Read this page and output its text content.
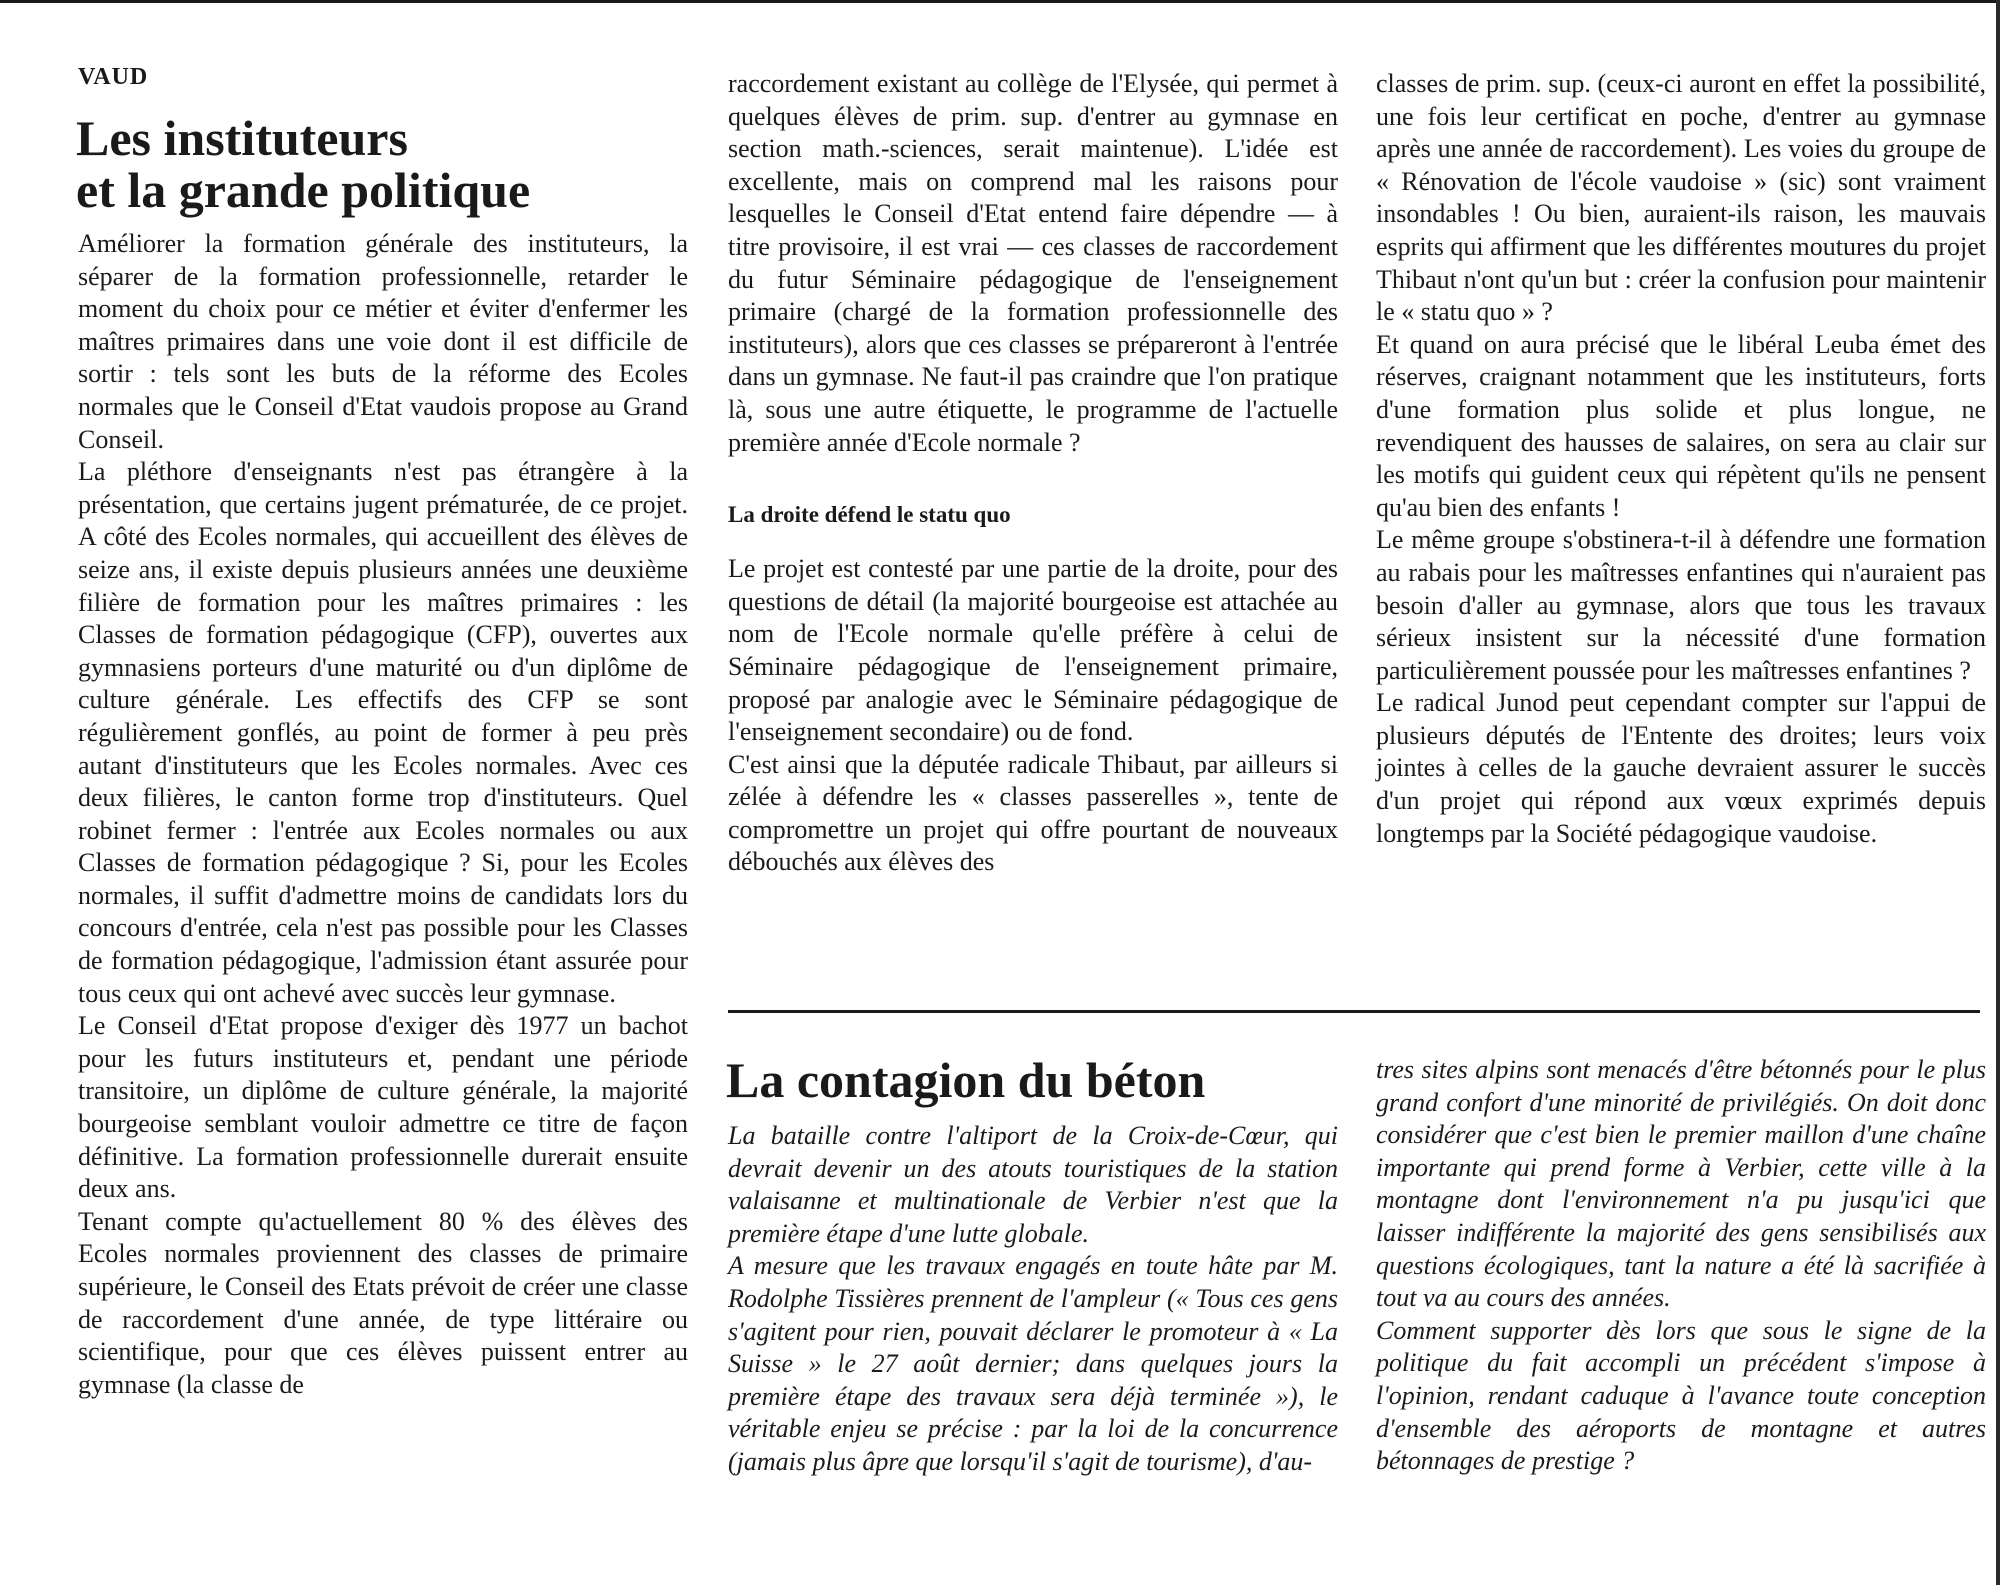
VAUD
Les instituteurs
et la grande politique

Améliorer la formation générale des instituteurs, la séparer de la formation professionnelle, retarder le moment du choix pour ce métier et éviter d'enfermer les maîtres primaires dans une voie dont il est difficile de sortir : tels sont les buts de la réforme des Ecoles normales que le Conseil d'Etat vaudois propose au Grand Conseil.

La pléthore d'enseignants n'est pas étrangère à la présentation, que certains jugent prématurée, de ce projet. A côté des Ecoles normales, qui accueillent des élèves de seize ans, il existe depuis plusieurs années une deuxième filière de formation pour les maîtres primaires : les Classes de formation pédagogique (CFP), ouvertes aux gymnasiens porteurs d'une maturité ou d'un diplôme de culture générale. Les effectifs des CFP se sont régulièrement gonflés, au point de former à peu près autant d'instituteurs que les Ecoles normales. Avec ces deux filières, le canton forme trop d'instituteurs. Quel robinet fermer : l'entrée aux Ecoles normales ou aux Classes de formation pédagogique ? Si, pour les Ecoles normales, il suffit d'admettre moins de candidats lors du concours d'entrée, cela n'est pas possible pour les Classes de formation pédagogique, l'admission étant assurée pour tous ceux qui ont achevé avec succès leur gymnase.

Le Conseil d'Etat propose d'exiger dès 1977 un bachot pour les futurs instituteurs et, pendant une période transitoire, un diplôme de culture générale, la majorité bourgeoise semblant vouloir admettre ce titre de façon définitive. La formation professionnelle durerait ensuite deux ans.

Tenant compte qu'actuellement 80 % des élèves des Ecoles normales proviennent des classes de primaire supérieure, le Conseil des Etats prévoit de créer une classe de raccordement d'une année, de type littéraire ou scientifique, pour que ces élèves puissent entrer au gymnase (la classe de

raccordement existant au collège de l'Elysée, qui permet à quelques élèves de prim. sup. d'entrer au gymnase en section math.-sciences, serait maintenue). L'idée est excellente, mais on comprend mal les raisons pour lesquelles le Conseil d'Etat entend faire dépendre — à titre provisoire, il est vrai — ces classes de raccordement du futur Séminaire pédagogique de l'enseignement primaire (chargé de la formation professionnelle des instituteurs), alors que ces classes se prépareront à l'entrée dans un gymnase. Ne faut-il pas craindre que l'on pratique là, sous une autre étiquette, le programme de l'actuelle première année d'Ecole normale ?

La droite défend le statu quo

Le projet est contesté par une partie de la droite, pour des questions de détail (la majorité bourgeoise est attachée au nom de l'Ecole normale qu'elle préfère à celui de Séminaire pédagogique de l'enseignement primaire, proposé par analogie avec le Séminaire pédagogique de l'enseignement secondaire) ou de fond.

C'est ainsi que la députée radicale Thibaut, par ailleurs si zélée à défendre les « classes passerelles », tente de compromettre un projet qui offre pourtant de nouveaux débouchés aux élèves des

classes de prim. sup. (ceux-ci auront en effet la possibilité, une fois leur certificat en poche, d'entrer au gymnase après une année de raccordement). Les voies du groupe de « Rénovation de l'école vaudoise » (sic) sont vraiment insondables ! Ou bien, auraient-ils raison, les mauvais esprits qui affirment que les différentes moutures du projet Thibaut n'ont qu'un but : créer la confusion pour maintenir le « statu quo » ?

Et quand on aura précisé que le libéral Leuba émet des réserves, craignant notamment que les instituteurs, forts d'une formation plus solide et plus longue, ne revendiquent des hausses de salaires, on sera au clair sur les motifs qui guident ceux qui répètent qu'ils ne pensent qu'au bien des enfants !

Le même groupe s'obstinera-t-il à défendre une formation au rabais pour les maîtresses enfantines qui n'auraient pas besoin d'aller au gymnase, alors que tous les travaux sérieux insistent sur la nécessité d'une formation particulièrement poussée pour les maîtresses enfantines ?

Le radical Junod peut cependant compter sur l'appui de plusieurs députés de l'Entente des droites; leurs voix jointes à celles de la gauche devraient assurer le succès d'un projet qui répond aux vœux exprimés depuis longtemps par la Société pédagogique vaudoise.

La contagion du béton

La bataille contre l'altiport de la Croix-de-Cœur, qui devrait devenir un des atouts touristiques de la station valaisanne et multinationale de Verbier n'est que la première étape d'une lutte globale.

A mesure que les travaux engagés en toute hâte par M. Rodolphe Tissières prennent de l'ampleur (« Tous ces gens s'agitent pour rien, pouvait déclarer le promoteur à « La Suisse » le 27 août dernier; dans quelques jours la première étape des travaux sera déjà terminée »), le véritable enjeu se précise : par la loi de la concurrence (jamais plus âpre que lorsqu'il s'agit de tourisme), d'au-

tres sites alpins sont menacés d'être bétonnés pour le plus grand confort d'une minorité de privilégiés. On doit donc considérer que c'est bien le premier maillon d'une chaîne importante qui prend forme à Verbier, cette ville à la montagne dont l'environnement n'a pu jusqu'ici que laisser indifférente la majorité des gens sensibilisés aux questions écologiques, tant la nature a été là sacrifiée à tout va au cours des années.

Comment supporter dès lors que sous le signe de la politique du fait accompli un précédent s'impose à l'opinion, rendant caduque à l'avance toute conception d'ensemble des aéroports de montagne et autres bétonnages de prestige ?
